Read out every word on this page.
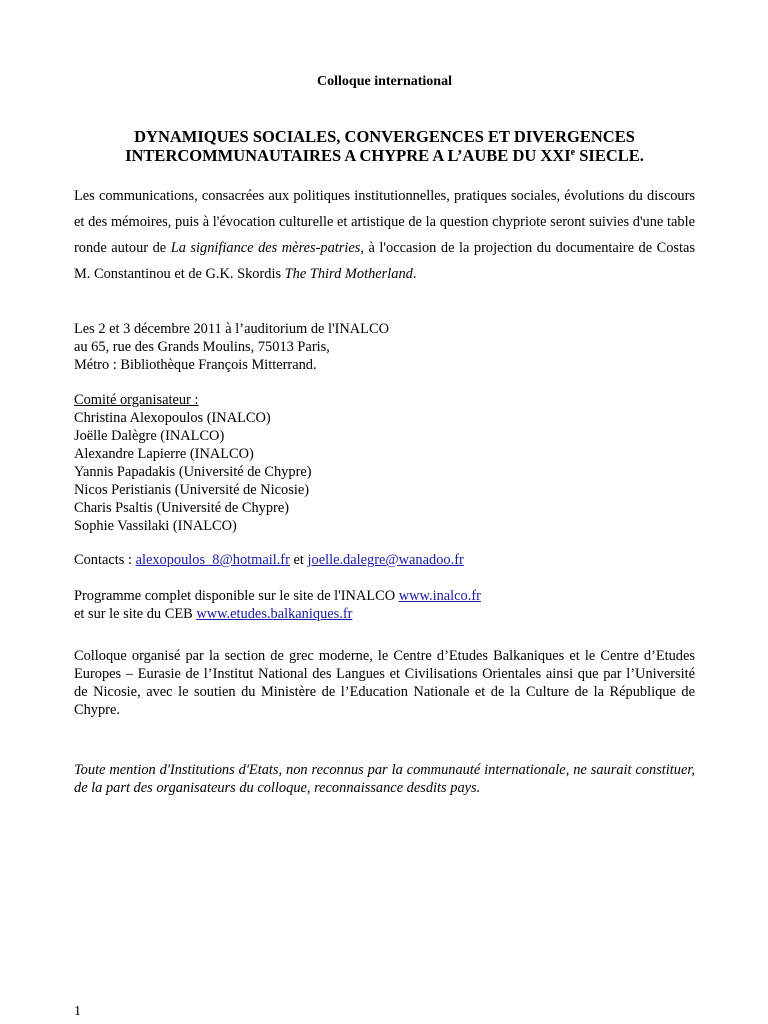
Colloque international
DYNAMIQUES SOCIALES, CONVERGENCES ET DIVERGENCES
INTERCOMMUNAUTAIRES A CHYPRE A L’AUBE DU XXIe SIECLE.

Les communications, consacrées aux politiques institutionnelles, pratiques sociales, évolutions du discours et des mémoires, puis à l'évocation culturelle et artistique de la question chypriote seront suivies d'une table ronde autour de La signifiance des mères-patries, à l'occasion de la projection du documentaire de Costas M. Constantinou et de G.K. Skordis The Third Motherland.

Les 2 et 3 décembre 2011 à l’auditorium de l'INALCO
au 65, rue des Grands Moulins, 75013 Paris,
Métro : Bibliothèque François Mitterrand.
Comité organisateur :
Christina Alexopoulos (INALCO)
Joëlle Dalègre (INALCO)
Alexandre Lapierre (INALCO)
Yannis Papadakis (Université de Chypre)
Nicos Peristianis (Université de Nicosie)
Charis Psaltis (Université de Chypre)
Sophie Vassilaki (INALCO)
Contacts : alexopoulos_8@hotmail.fr et joelle.dalegre@wanadoo.fr
Programme complet disponible sur le site de l'INALCO www.inalco.fr
et sur le site du CEB www.etudes.balkaniques.fr

Colloque organisé par la section de grec moderne, le Centre d’Etudes Balkaniques et le Centre d’Etudes Europes – Eurasie de l’Institut National des Langues et Civilisations Orientales ainsi que par l’Université de Nicosie, avec le soutien du Ministère de l’Education Nationale et de la Culture de la République de Chypre.

Toute mention d'Institutions d'Etats, non reconnus par la communauté internationale, ne saurait constituer, de la part des organisateurs du colloque, reconnaissance desdits pays.

1
